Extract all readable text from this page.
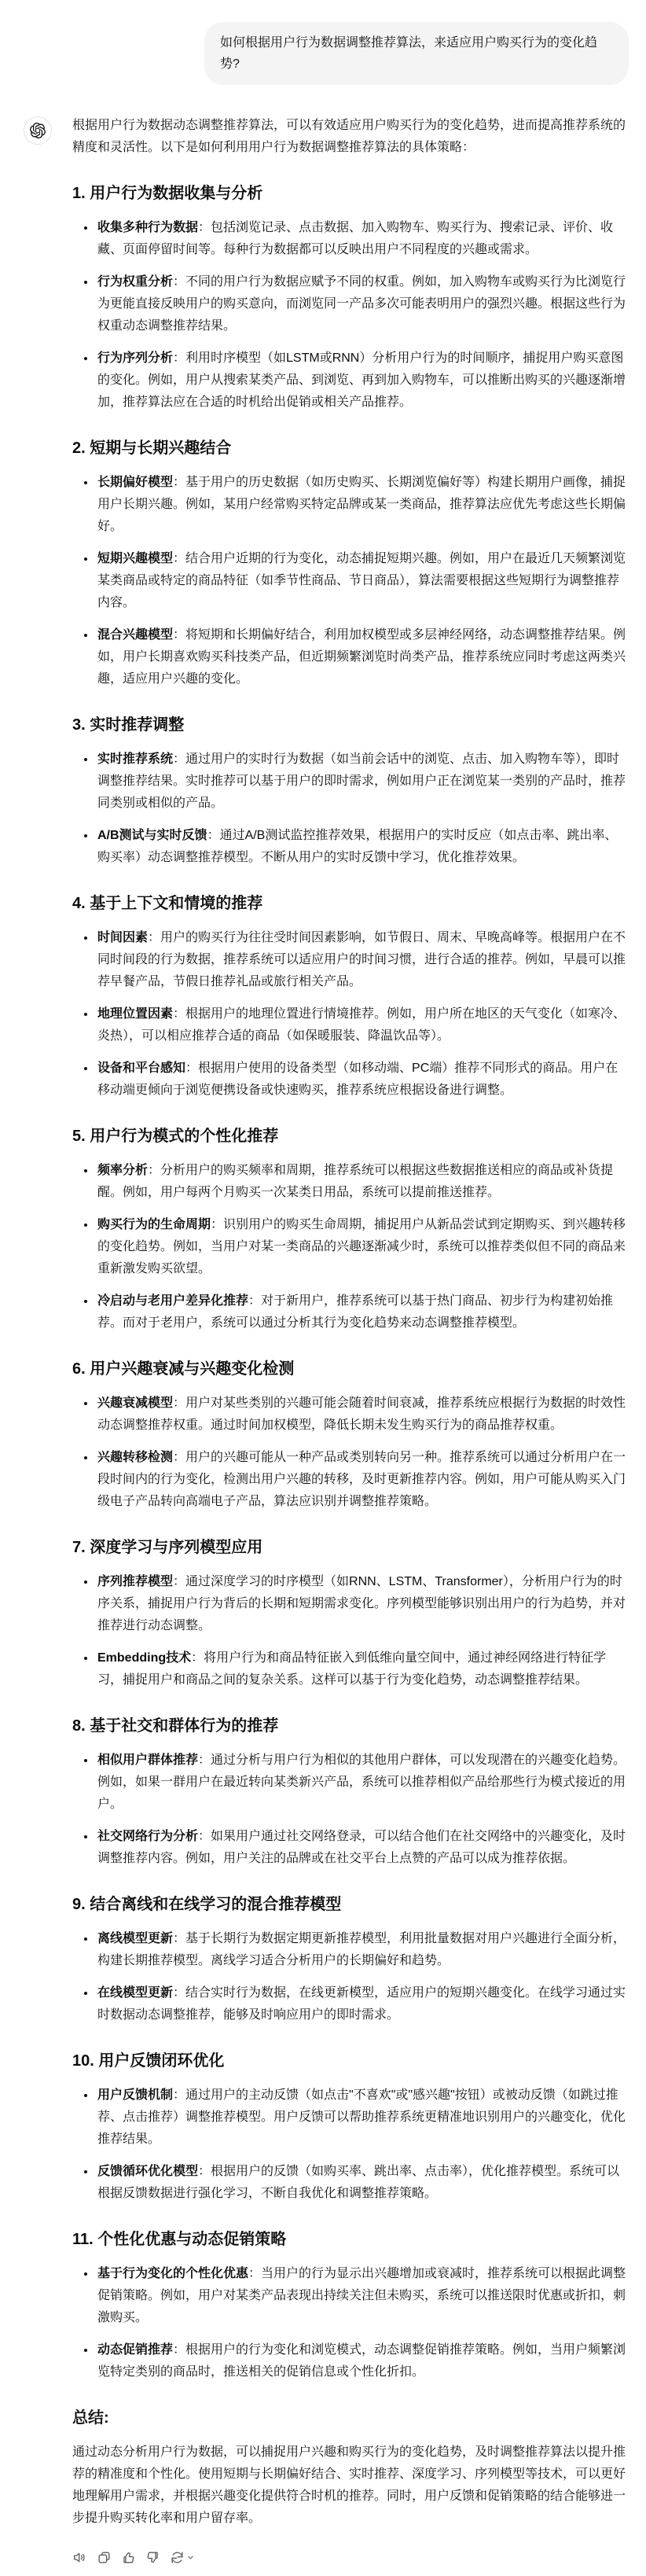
如何根据用户行为数据调整推荐算法，来适应用户购买行为的变化趋势?

根据用户行为数据动态调整推荐算法，可以有效适应用户购买行为的变化趋势，进而提高推荐系统的精度和灵活性。以下是如何利用用户行为数据调整推荐算法的具体策略：

1. 用户行为数据收集与分析
• 收集多种行为数据：包括浏览记录、点击数据、加入购物车、购买行为、搜索记录、评价、收藏、页面停留时间等。每种行为数据都可以反映出用户不同程度的兴趣或需求。
• 行为权重分析：不同的用户行为数据应赋予不同的权重。例如，加入购物车或购买行为比浏览行为更能直接反映用户的购买意向，而浏览同一产品多次可能表明用户的强烈兴趣。根据这些行为权重动态调整推荐结果。
• 行为序列分析：利用时序模型（如LSTM或RNN）分析用户行为的时间顺序，捕捉用户购买意图的变化。例如，用户从搜索某类产品、到浏览、再到加入购物车，可以推断出购买的兴趣逐渐增加，推荐算法应在合适的时机给出促销或相关产品推荐。
2. 短期与长期兴趣结合
• 长期偏好模型：基于用户的历史数据（如历史购买、长期浏览偏好等）构建长期用户画像，捕捉用户长期兴趣。例如，某用户经常购买特定品牌或某一类商品，推荐算法应优先考虑这些长期偏好。
• 短期兴趣模型：结合用户近期的行为变化，动态捕捉短期兴趣。例如，用户在最近几天频繁浏览某类商品或特定的商品特征（如季节性商品、节日商品），算法需要根据这些短期行为调整推荐内容。
• 混合兴趣模型：将短期和长期偏好结合，利用加权模型或多层神经网络，动态调整推荐结果。例如，用户长期喜欢购买科技类产品，但近期频繁浏览时尚类产品，推荐系统应同时考虑这两类兴趣，适应用户兴趣的变化。
3. 实时推荐调整
• 实时推荐系统：通过用户的实时行为数据（如当前会话中的浏览、点击、加入购物车等），即时调整推荐结果。实时推荐可以基于用户的即时需求，例如用户正在浏览某一类别的产品时，推荐同类别或相似的产品。
• A/B测试与实时反馈：通过A/B测试监控推荐效果，根据用户的实时反应（如点击率、跳出率、购买率）动态调整推荐模型。不断从用户的实时反馈中学习，优化推荐效果。
4. 基于上下文和情境的推荐
• 时间因素：用户的购买行为往往受时间因素影响，如节假日、周末、早晚高峰等。根据用户在不同时间段的行为数据，推荐系统可以适应用户的时间习惯，进行合适的推荐。例如，早晨可以推荐早餐产品，节假日推荐礼品或旅行相关产品。
• 地理位置因素：根据用户的地理位置进行情境推荐。例如，用户所在地区的天气变化（如寒冷、炎热），可以相应推荐合适的商品（如保暖服装、降温饮品等）。
• 设备和平台感知：根据用户使用的设备类型（如移动端、PC端）推荐不同形式的商品。用户在移动端更倾向于浏览便携设备或快速购买，推荐系统应根据设备进行调整。
5. 用户行为模式的个性化推荐
• 频率分析：分析用户的购买频率和周期，推荐系统可以根据这些数据推送相应的商品或补货提醒。例如，用户每两个月购买一次某类日用品，系统可以提前推送推荐。
• 购买行为的生命周期：识别用户的购买生命周期，捕捉用户从新品尝试到定期购买、到兴趣转移的变化趋势。例如，当用户对某一类商品的兴趣逐渐减少时，系统可以推荐类似但不同的商品来重新激发购买欲望。
• 冷启动与老用户差异化推荐：对于新用户，推荐系统可以基于热门商品、初步行为构建初始推荐。而对于老用户，系统可以通过分析其行为变化趋势来动态调整推荐模型。
6. 用户兴趣衰减与兴趣变化检测
• 兴趣衰减模型：用户对某些类别的兴趣可能会随着时间衰减，推荐系统应根据行为数据的时效性动态调整推荐权重。通过时间加权模型，降低长期未发生购买行为的商品推荐权重。
• 兴趣转移检测：用户的兴趣可能从一种产品或类别转向另一种。推荐系统可以通过分析用户在一段时间内的行为变化，检测出用户兴趣的转移，及时更新推荐内容。例如，用户可能从购买入门级电子产品转向高端电子产品，算法应识别并调整推荐策略。
7. 深度学习与序列模型应用
• 序列推荐模型：通过深度学习的时序模型（如RNN、LSTM、Transformer），分析用户行为的时序关系，捕捉用户行为背后的长期和短期需求变化。序列模型能够识别出用户的行为趋势，并对推荐进行动态调整。
• Embedding技术：将用户行为和商品特征嵌入到低维向量空间中，通过神经网络进行特征学习，捕捉用户和商品之间的复杂关系。这样可以基于行为变化趋势，动态调整推荐结果。
8. 基于社交和群体行为的推荐
• 相似用户群体推荐：通过分析与用户行为相似的其他用户群体，可以发现潜在的兴趣变化趋势。例如，如果一群用户在最近转向某类新兴产品，系统可以推荐相似产品给那些行为模式接近的用户。
• 社交网络行为分析：如果用户通过社交网络登录，可以结合他们在社交网络中的兴趣变化，及时调整推荐内容。例如，用户关注的品牌或在社交平台上点赞的产品可以成为推荐依据。
9. 结合离线和在线学习的混合推荐模型
• 离线模型更新：基于长期行为数据定期更新推荐模型，利用批量数据对用户兴趣进行全面分析，构建长期推荐模型。离线学习适合分析用户的长期偏好和趋势。
• 在线模型更新：结合实时行为数据，在线更新模型，适应用户的短期兴趣变化。在线学习通过实时数据动态调整推荐，能够及时响应用户的即时需求。
10. 用户反馈闭环优化
• 用户反馈机制：通过用户的主动反馈（如点击"不喜欢"或"感兴趣"按钮）或被动反馈（如跳过推荐、点击推荐）调整推荐模型。用户反馈可以帮助推荐系统更精准地识别用户的兴趣变化，优化推荐结果。
• 反馈循环优化模型：根据用户的反馈（如购买率、跳出率、点击率），优化推荐模型。系统可以根据反馈数据进行强化学习，不断自我优化和调整推荐策略。
11. 个性化优惠与动态促销策略
• 基于行为变化的个性化优惠：当用户的行为显示出兴趣增加或衰减时，推荐系统可以根据此调整促销策略。例如，用户对某类产品表现出持续关注但未购买，系统可以推送限时优惠或折扣，刺激购买。
• 动态促销推荐：根据用户的行为变化和浏览模式，动态调整促销推荐策略。例如，当用户频繁浏览特定类别的商品时，推送相关的促销信息或个性化折扣。
总结:

通过动态分析用户行为数据，可以捕捉用户兴趣和购买行为的变化趋势，及时调整推荐算法以提升推荐的精准度和个性化。使用短期与长期偏好结合、实时推荐、深度学习、序列模型等技术，可以更好地理解用户需求，并根据兴趣变化提供符合时机的推荐。同时，用户反馈和促销策略的结合能够进一步提升购买转化率和用户留存率。
